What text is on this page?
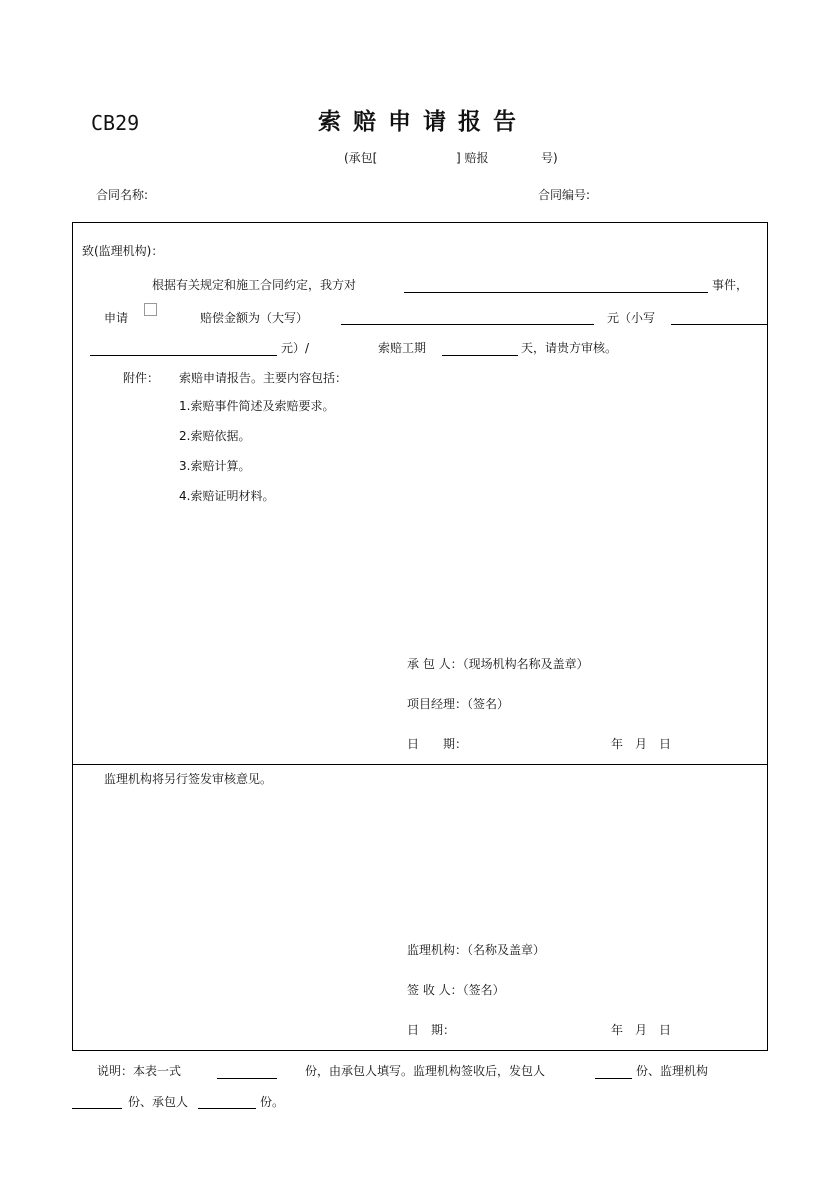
CB29	索赔申请报告
(承包[	] 赔报	号)
合同名称:	合同编号:
致(监理机构)：
根据有关规定和施工合同约定，我方对	事件，
申请	赔偿金额为（大写）	元（小写
元）/	索赔工期	天，请贵方审核。
附件： 索赔申请报告。主要内容包括：
1.索赔事件简述及索赔要求。
2.索赔依据。
3.索赔计算。
4.索赔证明材料。
承 包 人：（现场机构名称及盖章）
项目经理：（签名）
日　　期：	年　月　日
监理机构将另行签发审核意见。
监理机构：（名称及盖章）
签 收 人：（签名）
日　期：	年　月　日
说明：本表一式	份，由承包人填写。监理机构签收后，发包人	份、监理机构
份、承包人	份。
